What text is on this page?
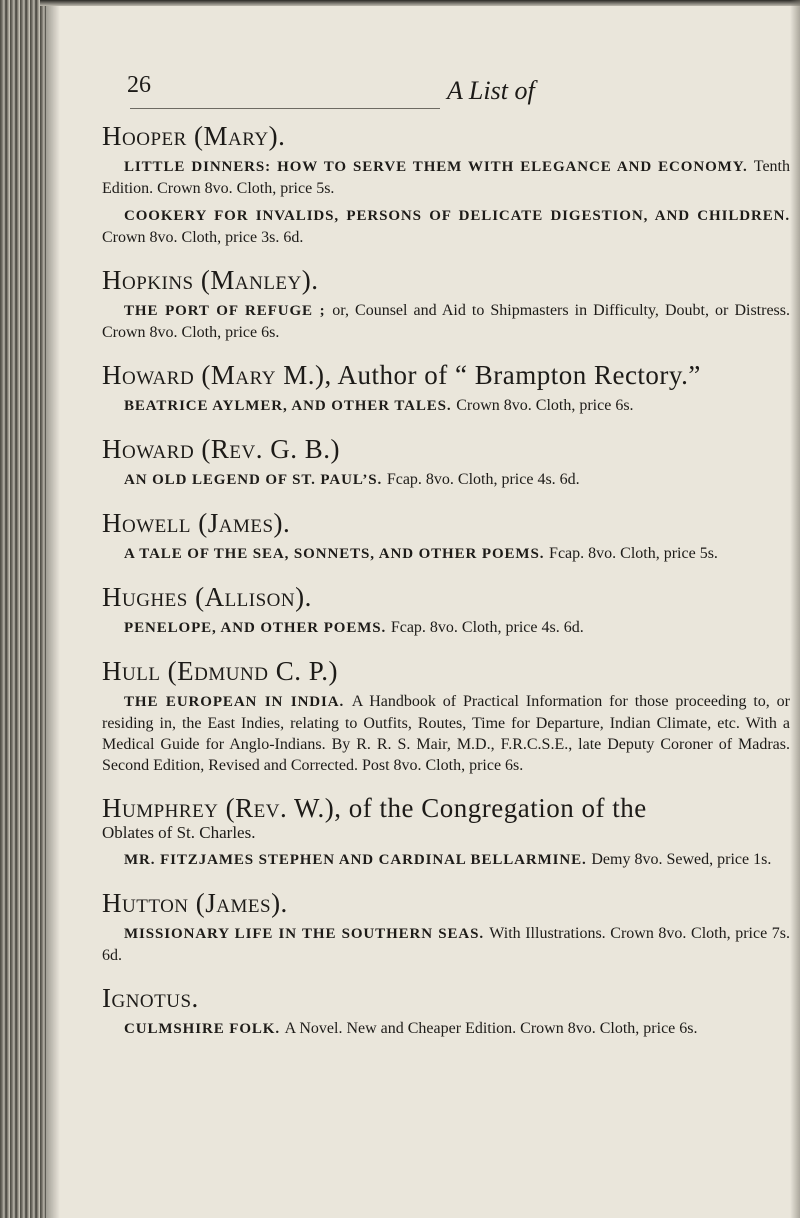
26	A List of
Hooper (Mary).
LITTLE DINNERS: HOW TO SERVE THEM WITH ELEGANCE AND ECONOMY. Tenth Edition. Crown 8vo. Cloth, price 5s.
COOKERY FOR INVALIDS, PERSONS OF DELICATE DIGESTION, AND CHILDREN. Crown 8vo. Cloth, price 3s. 6d.
Hopkins (Manley).
THE PORT OF REFUGE ; or, Counsel and Aid to Shipmasters in Difficulty, Doubt, or Distress. Crown 8vo. Cloth, price 6s.
Howard (Mary M.), Author of “ Brampton Rectory.”
BEATRICE AYLMER, AND OTHER TALES. Crown 8vo. Cloth, price 6s.
Howard (Rev. G. B.)
AN OLD LEGEND OF ST. PAUL’S. Fcap. 8vo. Cloth, price 4s. 6d.
Howell (James).
A TALE OF THE SEA, SONNETS, AND OTHER POEMS. Fcap. 8vo. Cloth, price 5s.
Hughes (Allison).
PENELOPE, AND OTHER POEMS. Fcap. 8vo. Cloth, price 4s. 6d.
Hull (Edmund C. P.)
THE EUROPEAN IN INDIA. A Handbook of Practical Information for those proceeding to, or residing in, the East Indies, relating to Outfits, Routes, Time for Departure, Indian Climate, etc. With a Medical Guide for Anglo-Indians. By R. R. S. Mair, M.D., F.R.C.S.E., late Deputy Coroner of Madras. Second Edition, Revised and Corrected. Post 8vo. Cloth, price 6s.
Humphrey (Rev. W.), of the Congregation of the
Oblates of St. Charles.
MR. FITZJAMES STEPHEN AND CARDINAL BELLARMINE. Demy 8vo. Sewed, price 1s.
Hutton (James).
MISSIONARY LIFE IN THE SOUTHERN SEAS. With Illustrations. Crown 8vo. Cloth, price 7s. 6d.
Ignotus.
CULMSHIRE FOLK. A Novel. New and Cheaper Edition. Crown 8vo. Cloth, price 6s.
